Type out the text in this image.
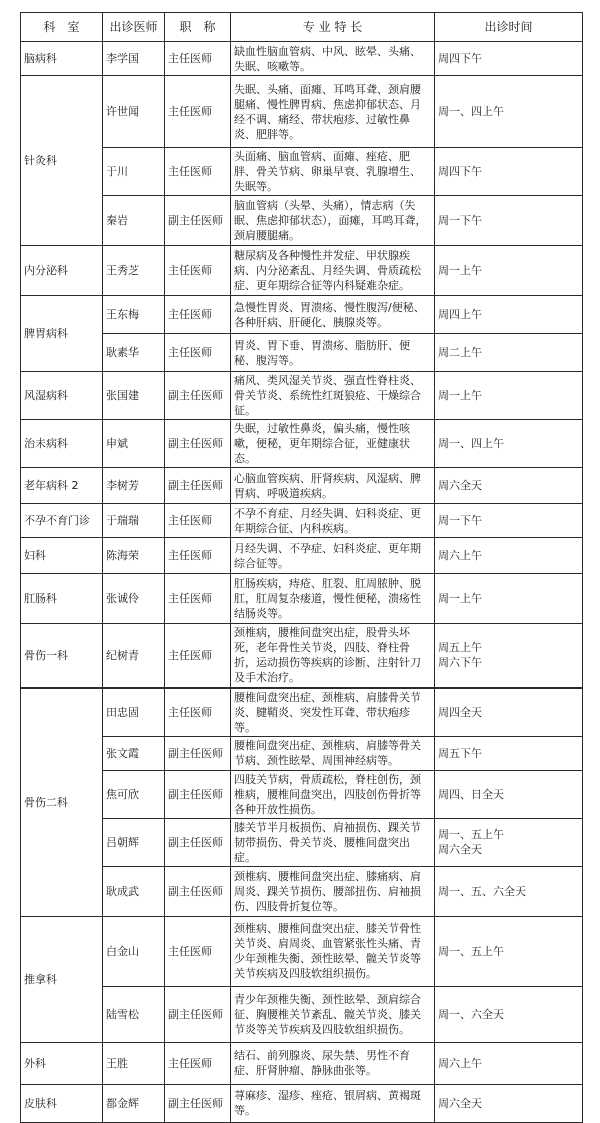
科　室	出诊医师	职　称	专 业 特 长	出诊时间
脑病科	李学国	主任医师	缺血性脑血管病、中风、眩晕、头痛、失眠、咳嗽等。	周四下午

针灸科	许世闻	主任医师	失眠、头痛、面瘫、耳鸣耳聋、颈肩腰腿痛、慢性脾胃病、焦虑抑郁状态、月经不调、痛经、带状疱疹、过敏性鼻炎、肥胖等。	周一、四上午

	于川	主任医师	头面痛、脑血管病、面瘫、痤疮、肥胖、骨关节病、卵巢早衰、乳腺增生、失眠等。	周四下午

	秦岩	副主任医师	脑血管病（头晕、头痛），情志病（失眠、焦虑抑郁状态），面瘫，耳鸣耳聋，颈肩腰腿痛。	周一下午

内分泌科	王秀芝	主任医师	糖尿病及各种慢性并发症、甲状腺疾病、内分泌紊乱、月经失调、骨质疏松症、更年期综合征等内科疑难杂症。	周一上午

脾胃病科	王东梅	主任医师	急慢性胃炎、胃溃疡、慢性腹泻/便秘、各种肝病、肝硬化、胰腺炎等。	周四上午

	耿素华	主任医师	胃炎、胃下垂、胃溃疡、脂肪肝、便秘、腹泻等。	周二上午

风湿病科	张国建	副主任医师	痛风、类风湿关节炎、强直性脊柱炎、骨关节炎、系统性红斑狼疮、干燥综合征。	周一上午

治未病科	申斌	副主任医师	失眠，过敏性鼻炎，偏头痛，慢性咳嗽，便秘，更年期综合征，亚健康状态。	周一、四上午

老年病科 2	李树芳	副主任医师	心脑血管疾病、肝肾疾病、风湿病、脾胃病、呼吸道疾病。	周六全天

不孕不育门诊	于瑞瑞	主任医师	不孕不育症、月经失调、妇科炎症、更年期综合征、内科疾病。	周一下午

妇科	陈海荣	主任医师	月经失调、不孕症、妇科炎症、更年期综合征等。	周六上午

肛肠科	张诚伶	主任医师	肛肠疾病，痔疮、肛裂、肛周脓肿、脱肛，肛周复杂瘘道，慢性便秘，溃疡性结肠炎等。	周一上午

骨伤一科	纪树青	主任医师	颈椎病，腰椎间盘突出症，股骨头坏死，老年骨性关节炎，四肢、脊柱骨折，运动损伤等疾病的诊断、注射针刀及手术治疗。	周五上午
周六下午

骨伤二科	田忠固	主任医师	腰椎间盘突出症、颈椎病、肩膝骨关节炎、腱鞘炎、突发性耳聋、带状疱疹等。	周四全天

	张文霞	副主任医师	腰椎间盘突出症、颈椎病、肩膝等骨关节病、颈性眩晕、周围神经病等。	周五下午

	焦可欣	副主任医师	四肢关节病，骨质疏松，脊柱创伤，颈椎病，腰椎间盘突出，四肢创伤骨折等各种开放性损伤。	周四、日全天

	吕朝辉	副主任医师	膝关节半月板损伤、肩袖损伤、踝关节韧带损伤、骨关节炎、腰椎间盘突出症。	周一、五上午
周六全天

	耿成武	副主任医师	颈椎病、腰椎间盘突出症、膝痛病、肩周炎、踝关节损伤、腰部扭伤、肩袖损伤、四肢骨折复位等。	周一、五、六全天

推拿科	白金山	主任医师	颈椎病、腰椎间盘突出症、膝关节骨性关节炎、肩周炎、血管紧张性头痛、青少年颈椎失衡、颈性眩晕、髋关节炎等关节疾病及四肢软组织损伤。	周一、五上午

	陆雪松	副主任医师	青少年颈椎失衡、颈性眩晕、颈肩综合征、胸腰椎关节紊乱、髋关节炎、膝关节炎等关节疾病及四肢软组织损伤。	周一、六全天

外科	王胜	主任医师	结石、前列腺炎、尿失禁、男性不育症、肝肾肿瘤、静脉曲张等。	周六上午

皮肤科	都金辉	副主任医师	荨麻疹、湿疹、痤疮、银屑病、黄褐斑等。	周六全天
